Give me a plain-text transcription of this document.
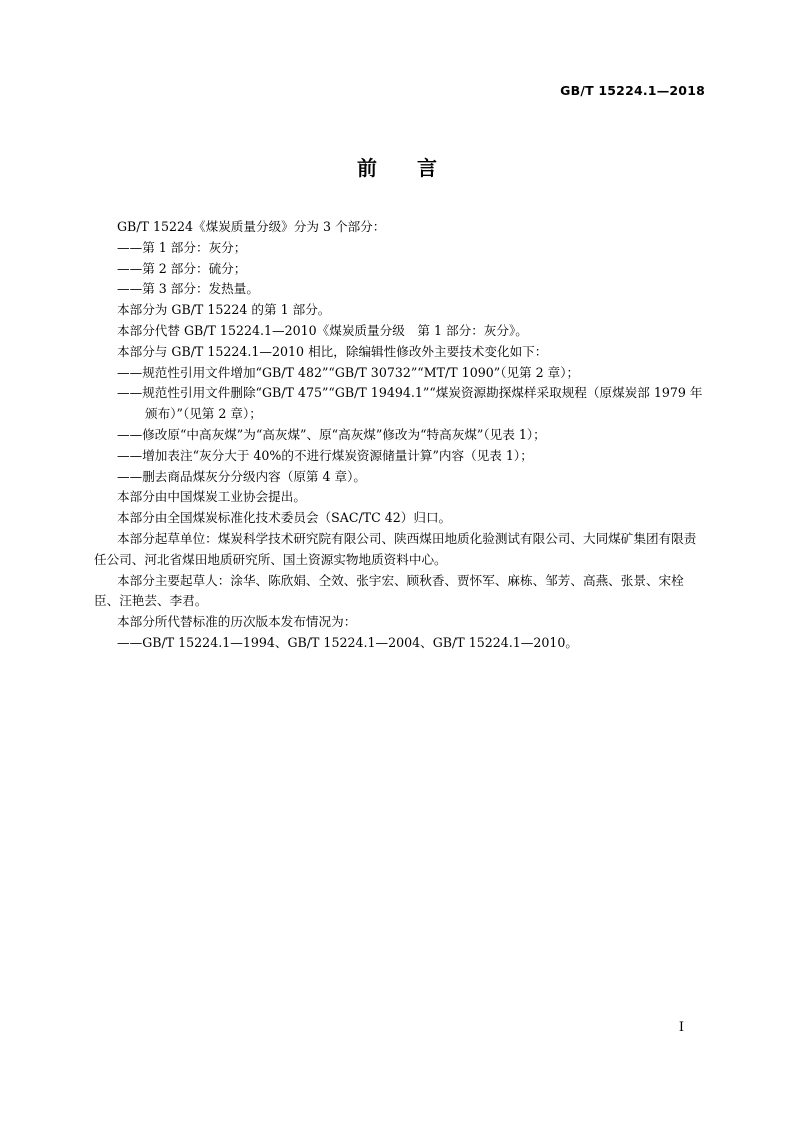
GB/T 15224.1—2018
前言

GB/T 15224《煤炭质量分级》分为 3 个部分：

——第 1 部分：灰分；

——第 2 部分：硫分；

——第 3 部分：发热量。

本部分为 GB/T 15224 的第 1 部分。

本部分代替 GB/T 15224.1—2010《煤炭质量分级　第 1 部分：灰分》。

本部分与 GB/T 15224.1—2010 相比，除编辑性修改外主要技术变化如下：

——规范性引用文件增加“GB/T 482”“GB/T 30732”“MT/T 1090”（见第 2 章）；

——规范性引用文件删除“GB/T 475”“GB/T 19494.1”“煤炭资源勘探煤样采取规程（原煤炭部 1979 年颁布）”（见第 2 章）；

——修改原“中高灰煤”为“高灰煤”、原“高灰煤”修改为“特高灰煤”（见表 1）；

——增加表注“灰分大于 40%的不进行煤炭资源储量计算”内容（见表 1）；

——删去商品煤灰分分级内容（原第 4 章）。

本部分由中国煤炭工业协会提出。

本部分由全国煤炭标准化技术委员会（SAC/TC 42）归口。

本部分起草单位：煤炭科学技术研究院有限公司、陕西煤田地质化验测试有限公司、大同煤矿集团有限责任公司、河北省煤田地质研究所、国土资源实物地质资料中心。

本部分主要起草人：涂华、陈欣娟、仝效、张宇宏、顾秋香、贾怀军、麻栋、邹芳、高燕、张景、宋栓臣、汪艳芸、李君。

本部分所代替标准的历次版本发布情况为：

——GB/T 15224.1—1994、GB/T 15224.1—2004、GB/T 15224.1—2010。

I
